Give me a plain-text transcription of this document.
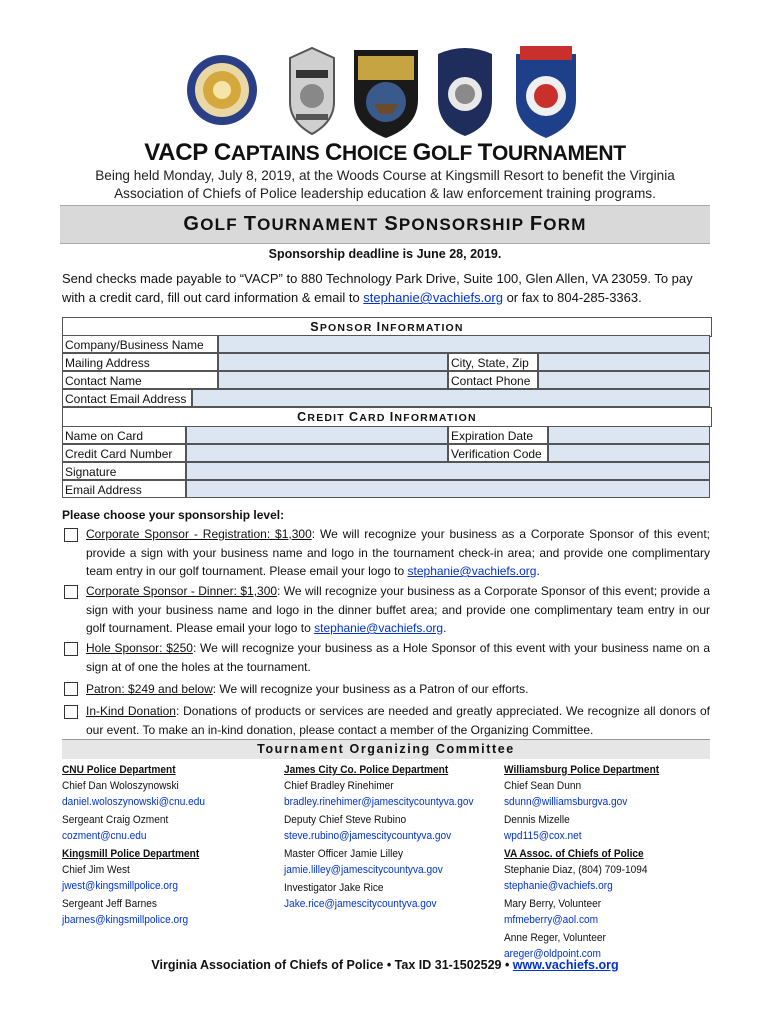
VACP CAPTAINS CHOICE GOLF TOURNAMENT
Being held Monday, July 8, 2019, at the Woods Course at Kingsmill Resort to benefit the Virginia Association of Chiefs of Police leadership education & law enforcement training programs.
GOLF TOURNAMENT SPONSORSHIP FORM
Sponsorship deadline is June 28, 2019.
Send checks made payable to “VACP” to 880 Technology Park Drive, Suite 100, Glen Allen, VA 23059. To pay with a credit card, fill out card information & email to stephanie@vachiefs.org or fax to 804-285-3363.
SPONSOR INFORMATION
Company/Business Name
Mailing Address	City, State, Zip
Contact Name	Contact Phone
Contact Email Address
CREDIT CARD INFORMATION
Name on Card	Expiration Date
Credit Card Number	Verification Code
Signature
Email Address
Please choose your sponsorship level:
Corporate Sponsor - Registration: $1,300: We will recognize your business as a Corporate Sponsor of this event; provide a sign with your business name and logo in the tournament check-in area; and provide one complimentary team entry in our golf tournament. Please email your logo to stephanie@vachiefs.org.
Corporate Sponsor - Dinner: $1,300: We will recognize your business as a Corporate Sponsor of this event; provide a sign with your business name and logo in the dinner buffet area; and provide one complimentary team entry in our golf tournament. Please email your logo to stephanie@vachiefs.org.
Hole Sponsor: $250: We will recognize your business as a Hole Sponsor of this event with your business name on a sign at of one the holes at the tournament.
Patron: $249 and below: We will recognize your business as a Patron of our efforts.
In-Kind Donation: Donations of products or services are needed and greatly appreciated. We recognize all donors of our event. To make an in-kind donation, please contact a member of the Organizing Committee.
Tournament Organizing Committee
CNU Police Department
Chief Dan Woloszynowski
daniel.woloszynowski@cnu.edu
Sergeant Craig Ozment
cozment@cnu.edu
Kingsmill Police Department
Chief Jim West
jwest@kingsmillpolice.org
Sergeant Jeff Barnes
jbarnes@kingsmillpolice.org
James City Co. Police Department
Chief Bradley Rinehimer
bradley.rinehimer@jamescitycountyva.gov
Deputy Chief Steve Rubino
steve.rubino@jamescitycountyva.gov
Master Officer Jamie Lilley
jamie.lilley@jamescitycountyva.gov
Investigator Jake Rice
Jake.rice@jamescitycountyva.gov
Williamsburg Police Department
Chief Sean Dunn
sdunn@williamsburgva.gov
Dennis Mizelle
wpd115@cox.net
VA Assoc. of Chiefs of Police
Stephanie Diaz, (804) 709-1094
stephanie@vachiefs.org
Mary Berry, Volunteer
mfmeberry@aol.com
Anne Reger, Volunteer
areger@oldpoint.com
Virginia Association of Chiefs of Police • Tax ID 31-1502529 • www.vachiefs.org
